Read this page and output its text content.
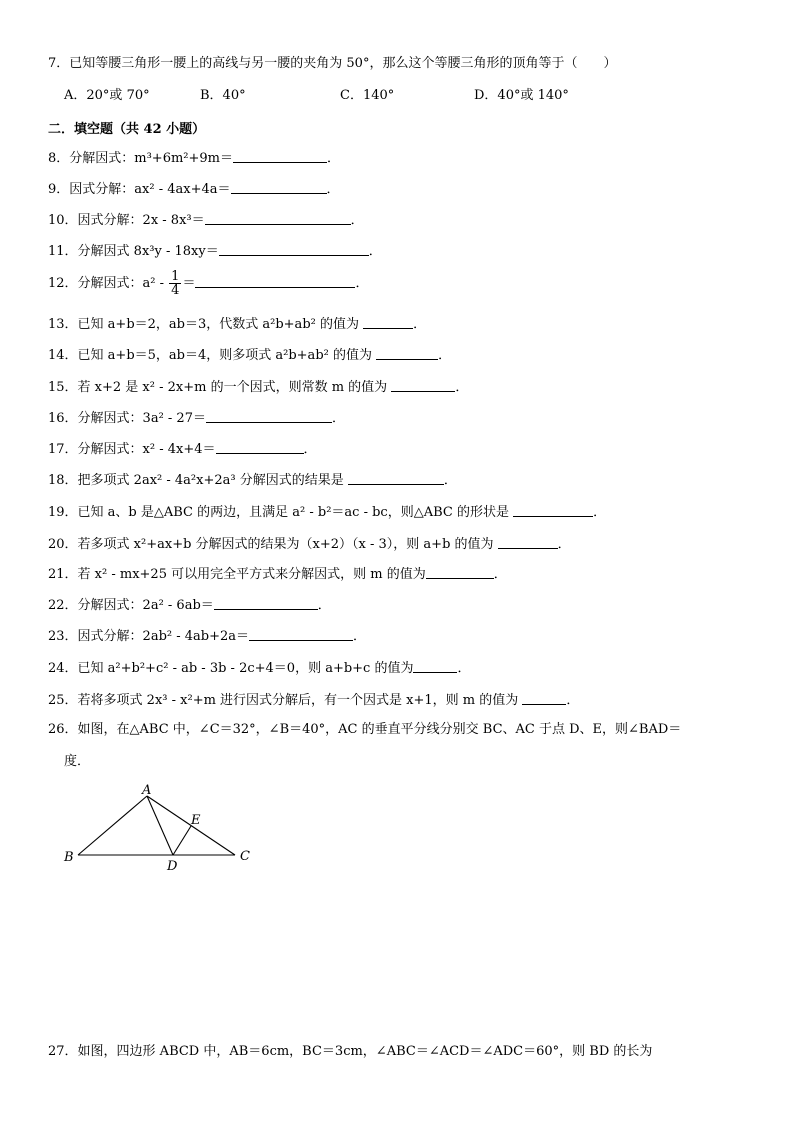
7．已知等腰三角形一腰上的高线与另一腰的夹角为 50°，那么这个等腰三角形的顶角等于（　　）
A．20°或 70°	B．40°	C．140°	D．40°或 140°
二．填空题（共 42 小题）
8．分解因式：m³+6m²+9m＝	．
9．因式分解：ax² - 4ax+4a＝	．
10．因式分解：2x - 8x³＝	．
11．分解因式 8x³y - 18xy＝	．
12．分解因式：$a^2 - \frac{1}{4}$ ＝	．
13．已知 a+b＝2，ab＝3，代数式 a²b+ab² 的值为	．
14．已知 a+b＝5，ab＝4，则多项式 a²b+ab² 的值为	．
15．若 x+2 是 x² - 2x+m 的一个因式，则常数 m 的值为	．
16．分解因式：3a² - 27＝	．
17．分解因式：x² - 4x+4＝	．
18．把多项式 2ax² - 4a²x+2a³ 分解因式的结果是	．
19．已知 a、b 是△ABC 的两边，且满足 a² - b²＝ac - bc，则△ABC 的形状是	．
20．若多项式 x²+ax+b 分解因式的结果为（x+2）（x - 3），则 a+b 的值为	．
21．若 x² - mx+25 可以用完全平方式来分解因式，则 m 的值为	．
22．分解因式：2a² - 6ab＝	．
23．因式分解：2ab² - 4ab+2a＝	．
24．已知 a²+b²+c² - ab - 3b - 2c+4＝0，则 a+b+c 的值为	．
25．若将多项式 2x³ - x²+m 进行因式分解后，有一个因式是 x+1，则 m 的值为	．
26．如图，在△ABC 中，∠C＝32°，∠B＝40°，AC 的垂直平分线分别交 BC、AC 于点 D、E，则∠BAD＝
度．
A
B	C
D
E
27．如图，四边形 ABCD 中，AB＝6cm，BC＝3cm，∠ABC＝∠ACD＝∠ADC＝60°，则 BD 的长为
